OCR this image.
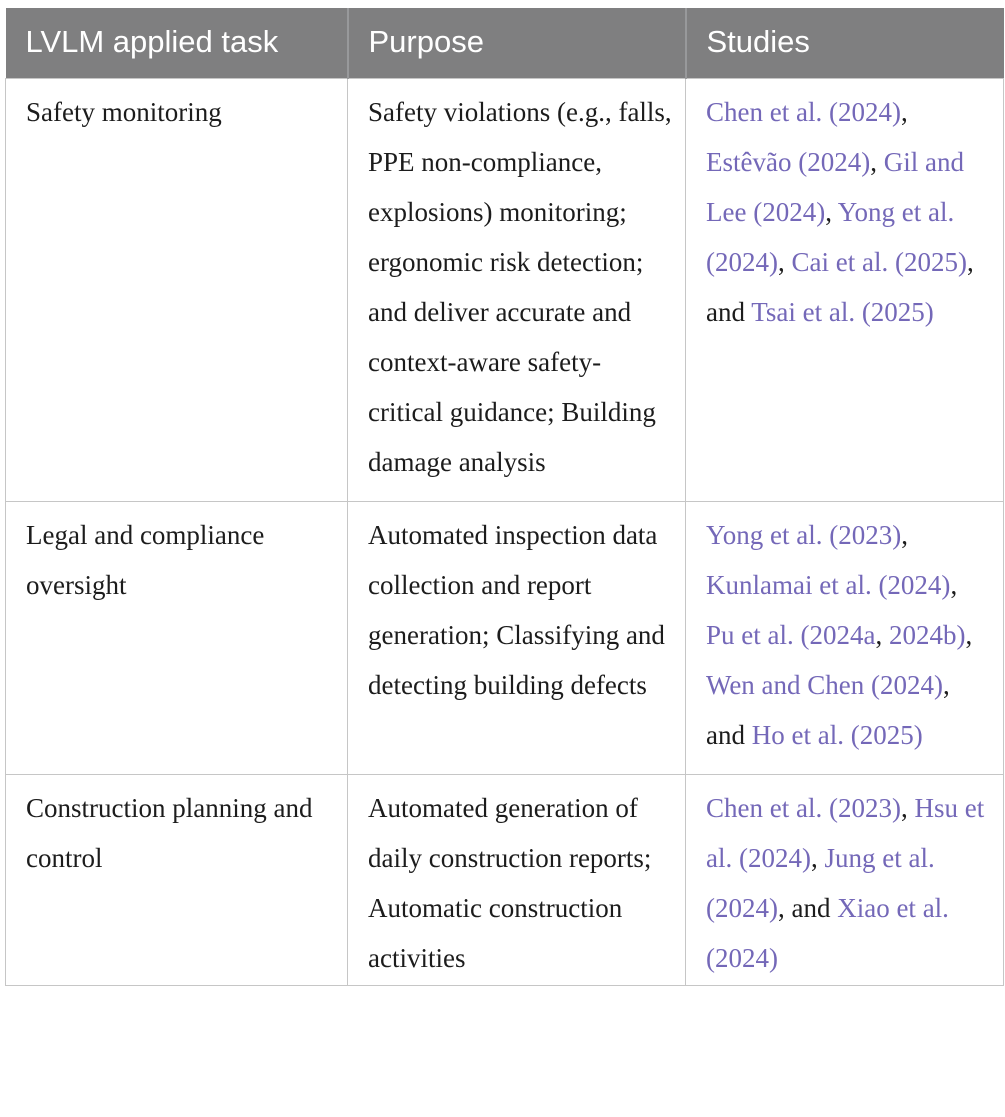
LVLM applied task	Purpose	Studies
Safety monitoring	Safety violations (e.g., falls, PPE non-compliance, explosions) monitoring; ergonomic risk detection; and deliver accurate and context-aware safety-critical guidance; Building damage analysis	Chen et al. (2024), Estêvão (2024), Gil and Lee (2024), Yong et al. (2024), Cai et al. (2025), and Tsai et al. (2025)
Legal and compliance oversight	Automated inspection data collection and report generation; Classifying and detecting building defects	Yong et al. (2023), Kunlamai et al. (2024), Pu et al. (2024a, 2024b), Wen and Chen (2024), and Ho et al. (2025)
Construction planning and control	Automated generation of daily construction reports; Automatic construction activities	Chen et al. (2023), Hsu et al. (2024), Jung et al. (2024), and Xiao et al. (2024)
